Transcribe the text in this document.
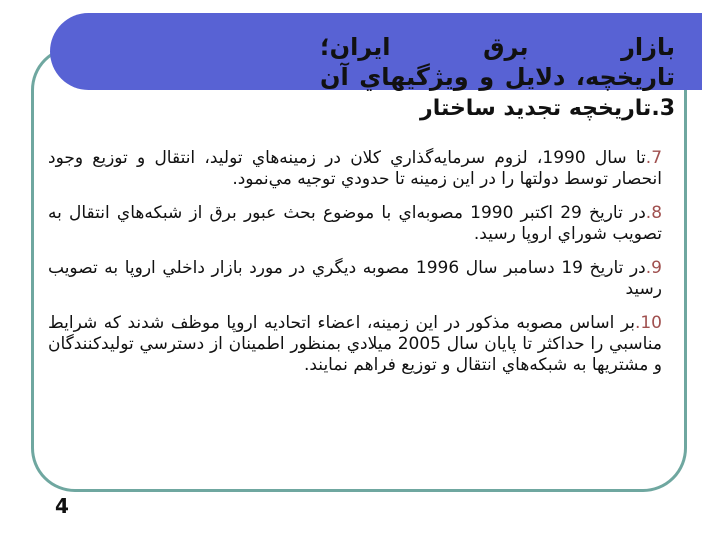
بازار برق ايران؛
تاريخچه، دلايل و ويژگيهاي آن
3.تاريخچه تجديد ساختار

7.تا سال 1990، لزوم سرمايه‌گذاري كلان در زمينه‌هاي توليد، انتقال و توزيع وجود انحصار توسط دولتها را در اين زمينه تا حدودي توجيه مي‌نمود.

8.در تاريخ 29 اكتبر 1990 مصوبه‌اي با موضوع بحث عبور برق از شبكه‌هاي انتقال به تصويب شوراي اروپا رسيد.

9.در تاريخ 19 دسامبر سال 1996 مصوبه ديگري در مورد بازار داخلي اروپا به تصويب رسيد

10.بر اساس مصوبه مذكور در اين زمينه، اعضاء اتحاديه اروپا موظف شدند كه شرايط مناسبي را حداكثر تا پايان سال 2005 ميلادي بمنظور اطمينان از دسترسي توليدكنندگان و مشتريها به شبكه‌هاي انتقال و توزيع فراهم نمايند.

4
